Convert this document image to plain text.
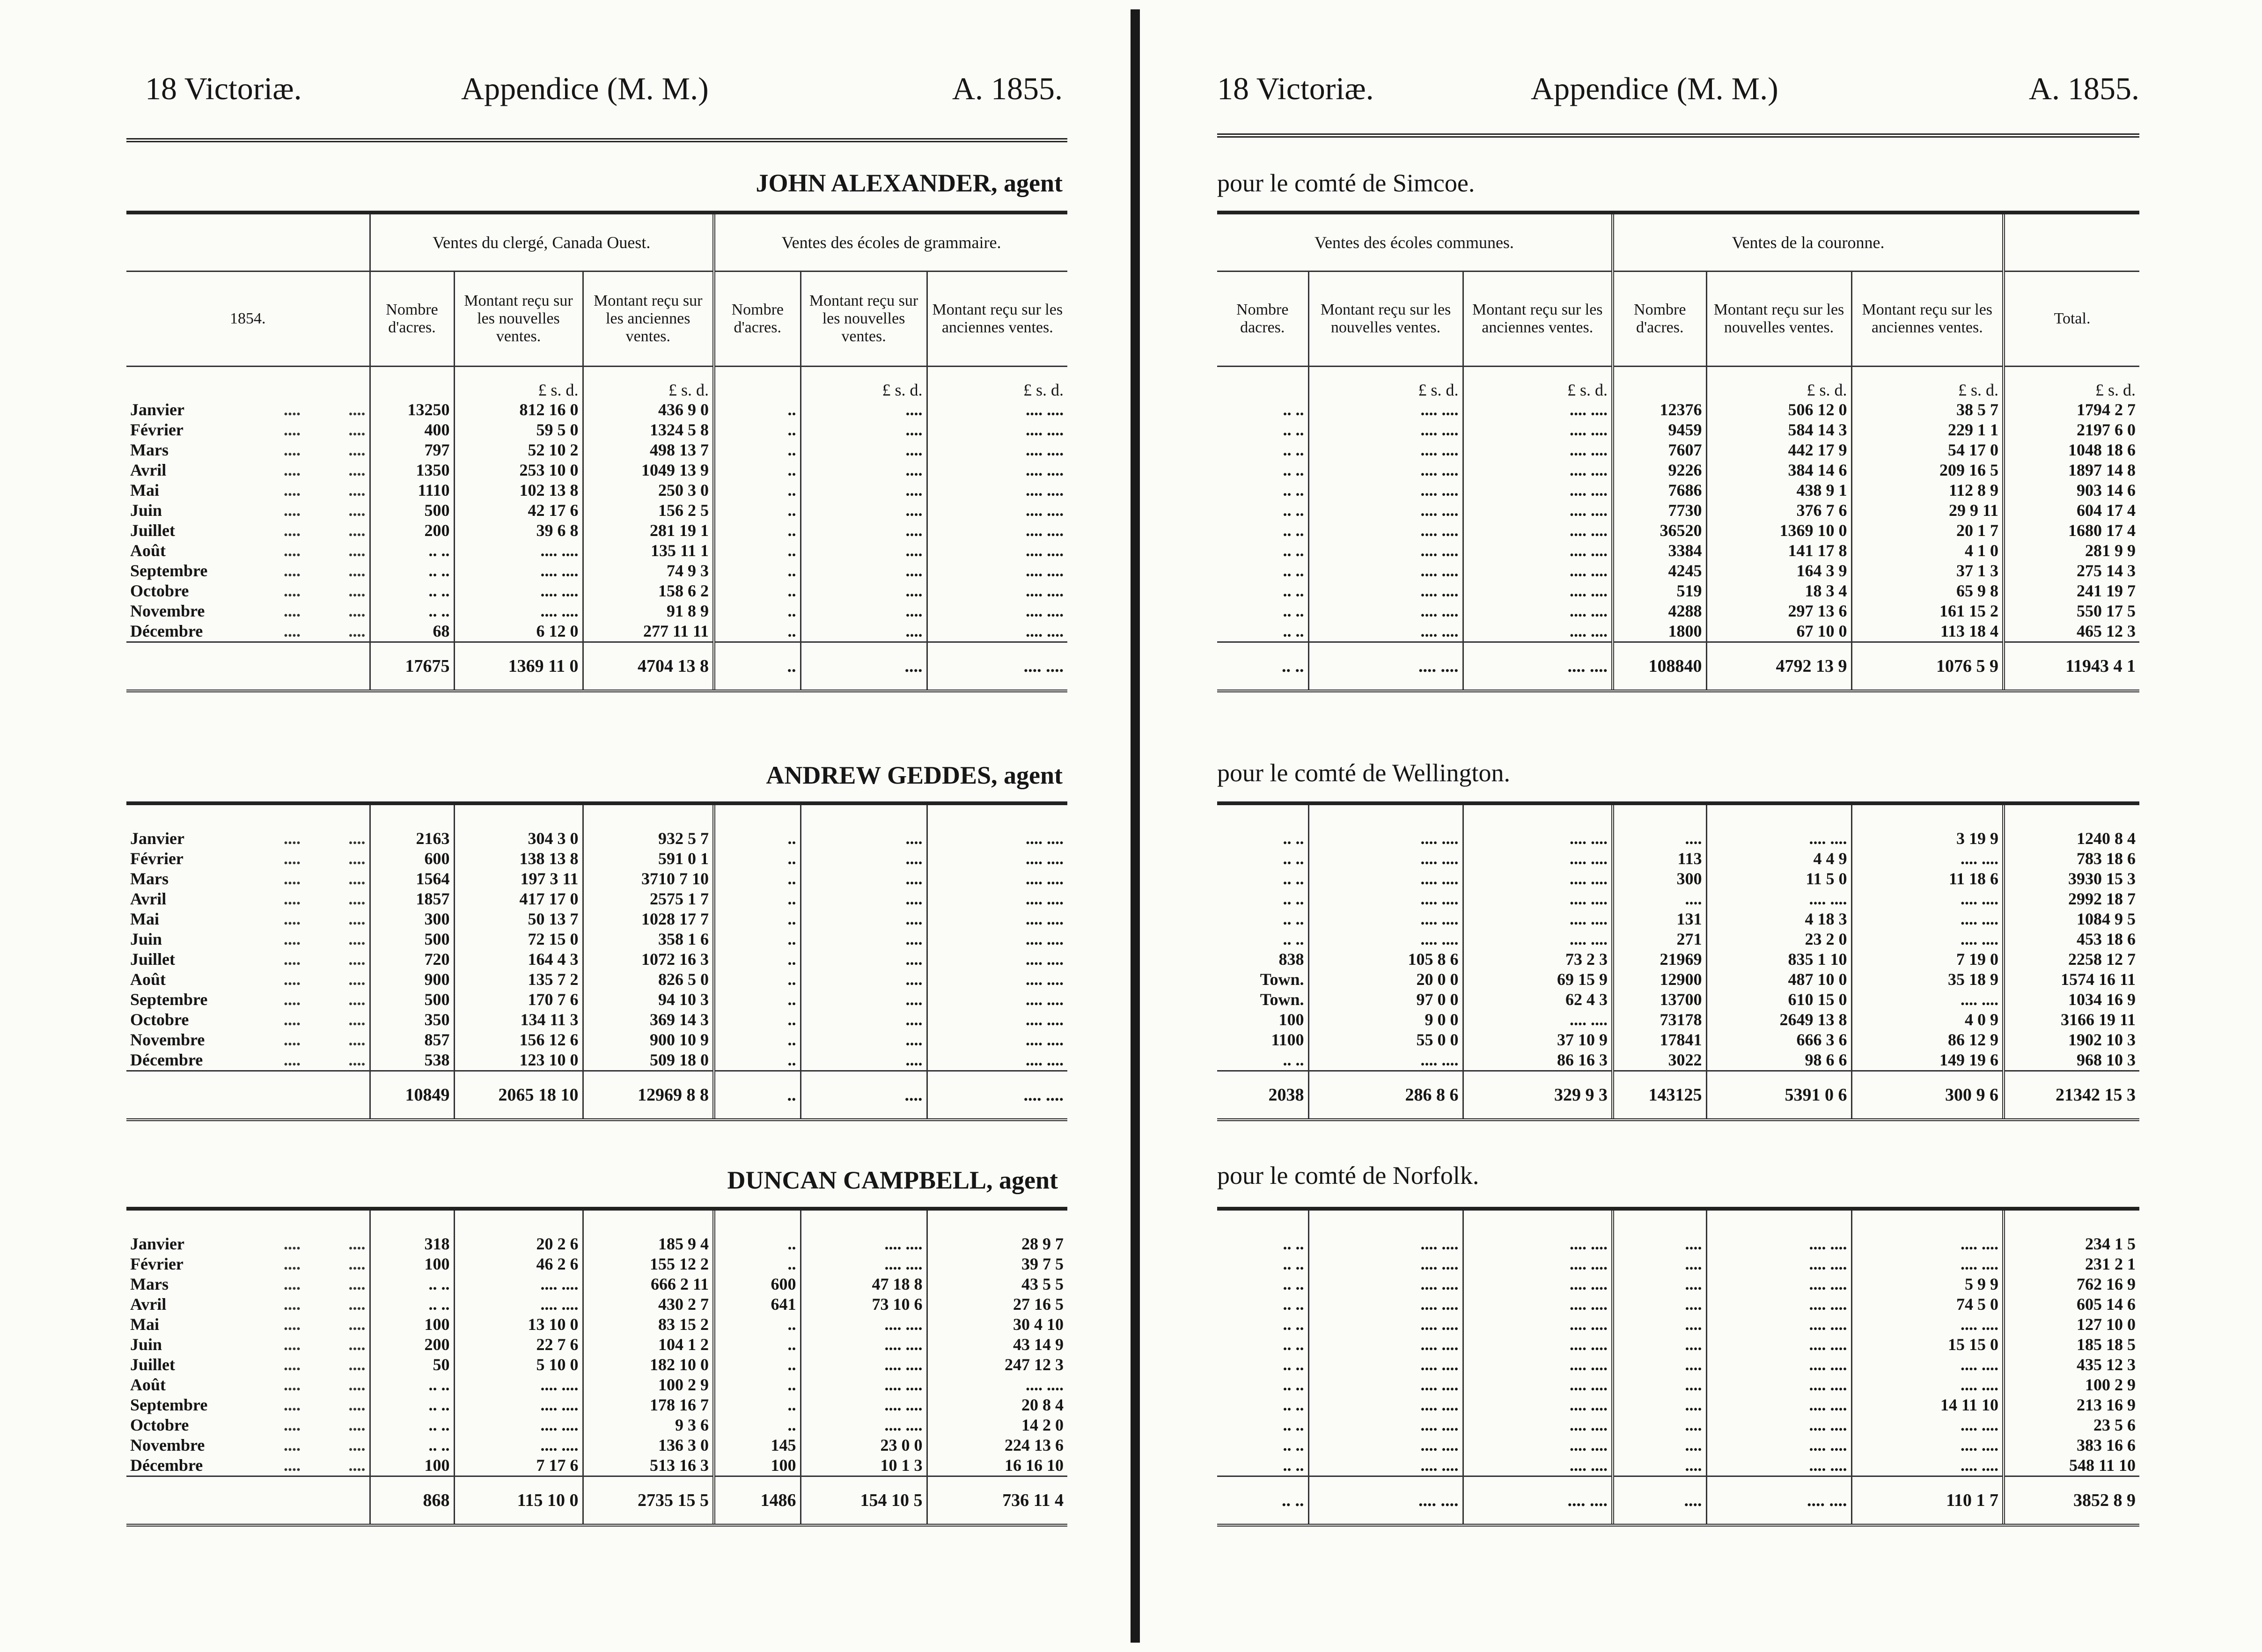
18 Victoriæ.	Appendice (M. M.)	A. 1855.
JOHN ALEXANDER, agent
			Ventes du clergé, Canada Ouest.			Ventes des écoles de grammaire.		
1854.			Nombre d'acres.	Montant reçu sur les nouvelles ventes.	Montant reçu sur les anciennes ventes.	Nombre d'acres.	Montant reçu sur les nouvelles ventes.	Montant reçu sur les anciennes ventes.
				£ s. d.	£ s. d.		£ s. d.	£ s. d.
Janvier	....	....	13250	812 16 0	436 9 0	..	....	.... ....
Février	....	....	400	59 5 0	1324 5 8	..	....	.... ....
Mars	....	....	797	52 10 2	498 13 7	..	....	.... ....
Avril	....	....	1350	253 10 0	1049 13 9	..	....	.... ....
Mai	....	....	1110	102 13 8	250 3 0	..	....	.... ....
Juin	....	....	500	42 17 6	156 2 5	..	....	.... ....
Juillet	....	....	200	39 6 8	281 19 1	..	....	.... ....
Août	....	....	.. ..	.... ....	135 11 1	..	....	.... ....
Septembre	....	....	.. ..	.... ....	74 9 3	..	....	.... ....
Octobre	....	....	.. ..	.... ....	158 6 2	..	....	.... ....
Novembre	....	....	.. ..	.... ....	91 8 9	..	....	.... ....
Décembre	....	....	68	6 12 0	277 11 11	..	....	.... ....
			17675	1369 11 0	4704 13 8	..	....	.... ....
ANDREW GEDDES, agent

Janvier	....	....	2163	304 3 0	932 5 7	..	....	.... ....
Février	....	....	600	138 13 8	591 0 1	..	....	.... ....
Mars	....	....	1564	197 3 11	3710 7 10	..	....	.... ....
Avril	....	....	1857	417 17 0	2575 1 7	..	....	.... ....
Mai	....	....	300	50 13 7	1028 17 7	..	....	.... ....
Juin	....	....	500	72 15 0	358 1 6	..	....	.... ....
Juillet	....	....	720	164 4 3	1072 16 3	..	....	.... ....
Août	....	....	900	135 7 2	826 5 0	..	....	.... ....
Septembre	....	....	500	170 7 6	94 10 3	..	....	.... ....
Octobre	....	....	350	134 11 3	369 14 3	..	....	.... ....
Novembre	....	....	857	156 12 6	900 10 9	..	....	.... ....
Décembre	....	....	538	123 10 0	509 18 0	..	....	.... ....
			10849	2065 18 10	12969 8 8	..	....	.... ....
DUNCAN CAMPBELL, agent

Janvier	....	....	318	20 2 6	185 9 4	..	.... ....	28 9 7
Février	....	....	100	46 2 6	155 12 2	..	.... ....	39 7 5
Mars	....	....	.. ..	.... ....	666 2 11	600	47 18 8	43 5 5
Avril	....	....	.. ..	.... ....	430 2 7	641	73 10 6	27 16 5
Mai	....	....	100	13 10 0	83 15 2	..	.... ....	30 4 10
Juin	....	....	200	22 7 6	104 1 2	..	.... ....	43 14 9
Juillet	....	....	50	5 10 0	182 10 0	..	.... ....	247 12 3
Août	....	....	.. ..	.... ....	100 2 9	..	.... ....	.... ....
Septembre	....	....	.. ..	.... ....	178 16 7	..	.... ....	20 8 4
Octobre	....	....	.. ..	.... ....	9 3 6	..	.... ....	14 2 0
Novembre	....	....	.. ..	.... ....	136 3 0	145	23 0 0	224 13 6
Décembre	....	....	100	7 17 6	513 16 3	100	10 1 3	16 16 10
			868	115 10 0	2735 15 5	1486	154 10 5	736 11 4
18 Victoriæ.	Appendice (M. M.)	A. 1855.
pour le comté de Simcoe.
Ventes des écoles communes.			Ventes de la couronne.			
Nombre dacres.	Montant reçu sur les nouvelles ventes.	Montant reçu sur les anciennes ventes.	Nombre d'acres.	Montant reçu sur les nouvelles ventes.	Montant reçu sur les anciennes ventes.	Total.
	£ s. d.	£ s. d.		£ s. d.	£ s. d.	£ s. d.
.. ..	.... ....	.... ....	12376	506 12 0	38 5 7	1794 2 7
.. ..	.... ....	.... ....	9459	584 14 3	229 1 1	2197 6 0
.. ..	.... ....	.... ....	7607	442 17 9	54 17 0	1048 18 6
.. ..	.... ....	.... ....	9226	384 14 6	209 16 5	1897 14 8
.. ..	.... ....	.... ....	7686	438 9 1	112 8 9	903 14 6
.. ..	.... ....	.... ....	7730	376 7 6	29 9 11	604 17 4
.. ..	.... ....	.... ....	36520	1369 10 0	20 1 7	1680 17 4
.. ..	.... ....	.... ....	3384	141 17 8	4 1 0	281 9 9
.. ..	.... ....	.... ....	4245	164 3 9	37 1 3	275 14 3
.. ..	.... ....	.... ....	519	18 3 4	65 9 8	241 19 7
.. ..	.... ....	.... ....	4288	297 13 6	161 15 2	550 17 5
.. ..	.... ....	.... ....	1800	67 10 0	113 18 4	465 12 3
.. ..	.... ....	.... ....	108840	4792 13 9	1076 5 9	11943 4 1
pour le comté de Wellington.

.. ..	.... ....	.... ....	....	.... ....	3 19 9	1240 8 4
.. ..	.... ....	.... ....	113	4 4 9	.... ....	783 18 6
.. ..	.... ....	.... ....	300	11 5 0	11 18 6	3930 15 3
.. ..	.... ....	.... ....	....	.... ....	.... ....	2992 18 7
.. ..	.... ....	.... ....	131	4 18 3	.... ....	1084 9 5
.. ..	.... ....	.... ....	271	23 2 0	.... ....	453 18 6
838	105 8 6	73 2 3	21969	835 1 10	7 19 0	2258 12 7
Town.	20 0 0	69 15 9	12900	487 10 0	35 18 9	1574 16 11
Town.	97 0 0	62 4 3	13700	610 15 0	.... ....	1034 16 9
100	9 0 0	.... ....	73178	2649 13 8	4 0 9	3166 19 11
1100	55 0 0	37 10 9	17841	666 3 6	86 12 9	1902 10 3
.. ..	.... ....	86 16 3	3022	98 6 6	149 19 6	968 10 3
2038	286 8 6	329 9 3	143125	5391 0 6	300 9 6	21342 15 3
pour le comté de Norfolk.

.. ..	.... ....	.... ....	....	.... ....	.... ....	234 1 5
.. ..	.... ....	.... ....	....	.... ....	.... ....	231 2 1
.. ..	.... ....	.... ....	....	.... ....	5 9 9	762 16 9
.. ..	.... ....	.... ....	....	.... ....	74 5 0	605 14 6
.. ..	.... ....	.... ....	....	.... ....	.... ....	127 10 0
.. ..	.... ....	.... ....	....	.... ....	15 15 0	185 18 5
.. ..	.... ....	.... ....	....	.... ....	.... ....	435 12 3
.. ..	.... ....	.... ....	....	.... ....	.... ....	100 2 9
.. ..	.... ....	.... ....	....	.... ....	14 11 10	213 16 9
.. ..	.... ....	.... ....	....	.... ....	.... ....	23 5 6
.. ..	.... ....	.... ....	....	.... ....	.... ....	383 16 6
.. ..	.... ....	.... ....	....	.... ....	.... ....	548 11 10
.. ..	.... ....	.... ....	....	.... ....	110 1 7	3852 8 9
